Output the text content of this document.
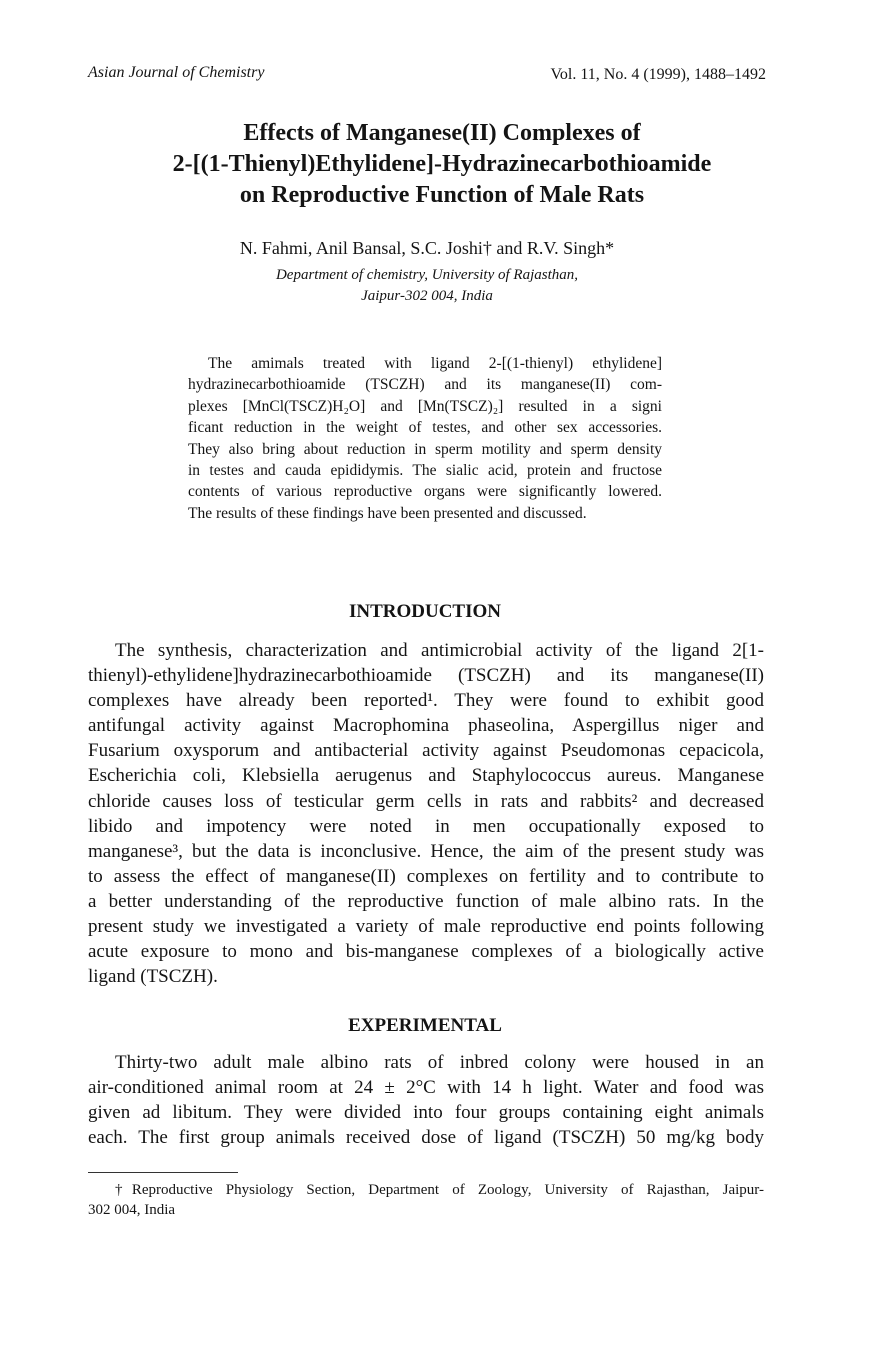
Asian Journal of Chemistry	Vol. 11, No. 4 (1999), 1488–1492
Effects of Manganese(II) Complexes of
2-[(1-Thienyl)Ethylidene]-Hydrazinecarbothioamide
on Reproductive Function of Male Rats
N. Fahmi, Anil Bansal, S.C. Joshi† and R.V. Singh*
Department of chemistry, University of Rajasthan,
Jaipur-302 004, India
The amimals treated with ligand 2-[(1-thienyl) ethylidene]
hydrazinecarbothioamide (TSCZH) and its manganese(II) com-
plexes [MnCl(TSCZ)H₂O] and [Mn(TSCZ)₂] resulted in a signi
ficant reduction in the weight of testes, and other sex accessories.
They also bring about reduction in sperm motility and sperm density
in testes and cauda epididymis. The sialic acid, protein and fructose
contents of various reproductive organs were significantly lowered.
The results of these findings have been presented and discussed.
INTRODUCTION
The synthesis, characterization and antimicrobial activity of the ligand 2[1-
thienyl)-ethylidene]hydrazinecarbothioamide (TSCZH) and its manganese(II)
complexes have already been reported¹. They were found to exhibit good
antifungal activity against Macrophomina phaseolina, Aspergillus niger and
Fusarium oxysporum and antibacterial activity against Pseudomonas cepacicola,
Escherichia coli, Klebsiella aerugenus and Staphylococcus aureus. Manganese
chloride causes loss of testicular germ cells in rats and rabbits² and decreased
libido and impotency were noted in men occupationally exposed to
manganese³, but the data is inconclusive. Hence, the aim of the present study was
to assess the effect of manganese(II) complexes on fertility and to contribute to
a better understanding of the reproductive function of male albino rats. In the
present study we investigated a variety of male reproductive end points following
acute exposure to mono and bis-manganese complexes of a biologically active
ligand (TSCZH).
EXPERIMENTAL
Thirty-two adult male albino rats of inbred colony were housed in an
air-conditioned animal room at 24 ± 2°C with 14 h light. Water and food was
given ad libitum. They were divided into four groups containing eight animals
each. The first group animals received dose of ligand (TSCZH) 50 mg/kg body
†Reproductive Physiology Section, Department of Zoology, University of Rajasthan, Jaipur-
302 004, India
